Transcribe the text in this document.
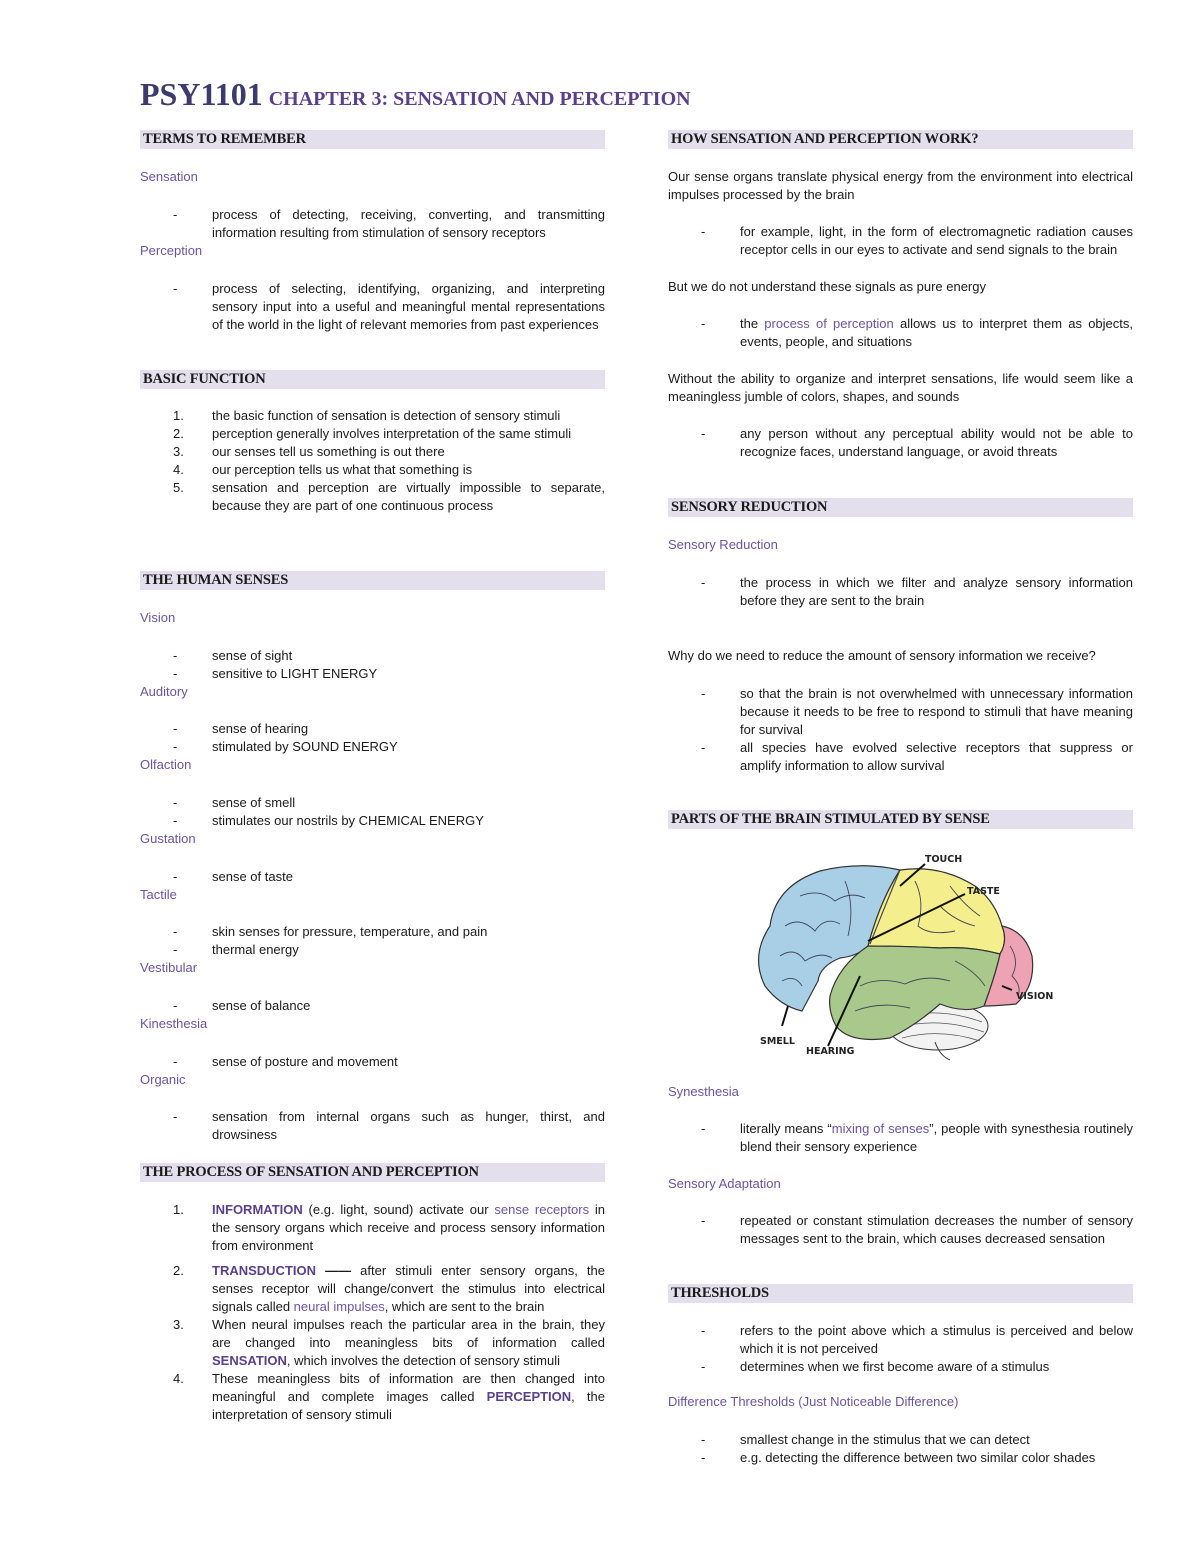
PSY1101 CHAPTER 3: SENSATION AND PERCEPTION
TERMS TO REMEMBER
Sensation
-	process of detecting, receiving, converting, and transmitting information resulting from stimulation of sensory receptors
Perception
-	process of selecting, identifying, organizing, and interpreting sensory input into a useful and meaningful mental representations of the world in the light of relevant memories from past experiences
BASIC FUNCTION
1. the basic function of sensation is detection of sensory stimuli
2. perception generally involves interpretation of the same stimuli
3. our senses tell us something is out there
4. our perception tells us what that something is
5. sensation and perception are virtually impossible to separate, because they are part of one continuous process
THE HUMAN SENSES
Vision
-	sense of sight
-	sensitive to LIGHT ENERGY
Auditory
-	sense of hearing
-	stimulated by SOUND ENERGY
Olfaction
-	sense of smell
-	stimulates our nostrils by CHEMICAL ENERGY
Gustation
-	sense of taste
Tactile
-	skin senses for pressure, temperature, and pain
-	thermal energy
Vestibular
-	sense of balance
Kinesthesia
-	sense of posture and movement
Organic
-	sensation from internal organs such as hunger, thirst, and drowsiness
THE PROCESS OF SENSATION AND PERCEPTION
1. INFORMATION (e.g. light, sound) activate our sense receptors in the sensory organs which receive and process sensory information from environment
2. TRANSDUCTION —— after stimuli enter sensory organs, the senses receptor will change/convert the stimulus into electrical signals called neural impulses, which are sent to the brain
3. When neural impulses reach the particular area in the brain, they are changed into meaningless bits of information called SENSATION, which involves the detection of sensory stimuli
4. These meaningless bits of information are then changed into meaningful and complete images called PERCEPTION, the interpretation of sensory stimuli
HOW SENSATION AND PERCEPTION WORK?
Our sense organs translate physical energy from the environment into electrical impulses processed by the brain
-	for example, light, in the form of electromagnetic radiation causes receptor cells in our eyes to activate and send signals to the brain
But we do not understand these signals as pure energy
-	the process of perception allows us to interpret them as objects, events, people, and situations
Without the ability to organize and interpret sensations, life would seem like a meaningless jumble of colors, shapes, and sounds
-	any person without any perceptual ability would not be able to recognize faces, understand language, or avoid threats
SENSORY REDUCTION
Sensory Reduction
-	the process in which we filter and analyze sensory information before they are sent to the brain
Why do we need to reduce the amount of sensory information we receive?
-	so that the brain is not overwhelmed with unnecessary information because it needs to be free to respond to stimuli that have meaning for survival
-	all species have evolved selective receptors that suppress or amplify information to allow survival
PARTS OF THE BRAIN STIMULATED BY SENSE
TOUCH
TASTE
VISION
SMELL
HEARING
Synesthesia
-	literally means “mixing of senses”, people with synesthesia routinely blend their sensory experience
Sensory Adaptation
-	repeated or constant stimulation decreases the number of sensory messages sent to the brain, which causes decreased sensation
THRESHOLDS
-	refers to the point above which a stimulus is perceived and below which it is not perceived
-	determines when we first become aware of a stimulus
Difference Thresholds (Just Noticeable Difference)
-	smallest change in the stimulus that we can detect
-	e.g. detecting the difference between two similar color shades
